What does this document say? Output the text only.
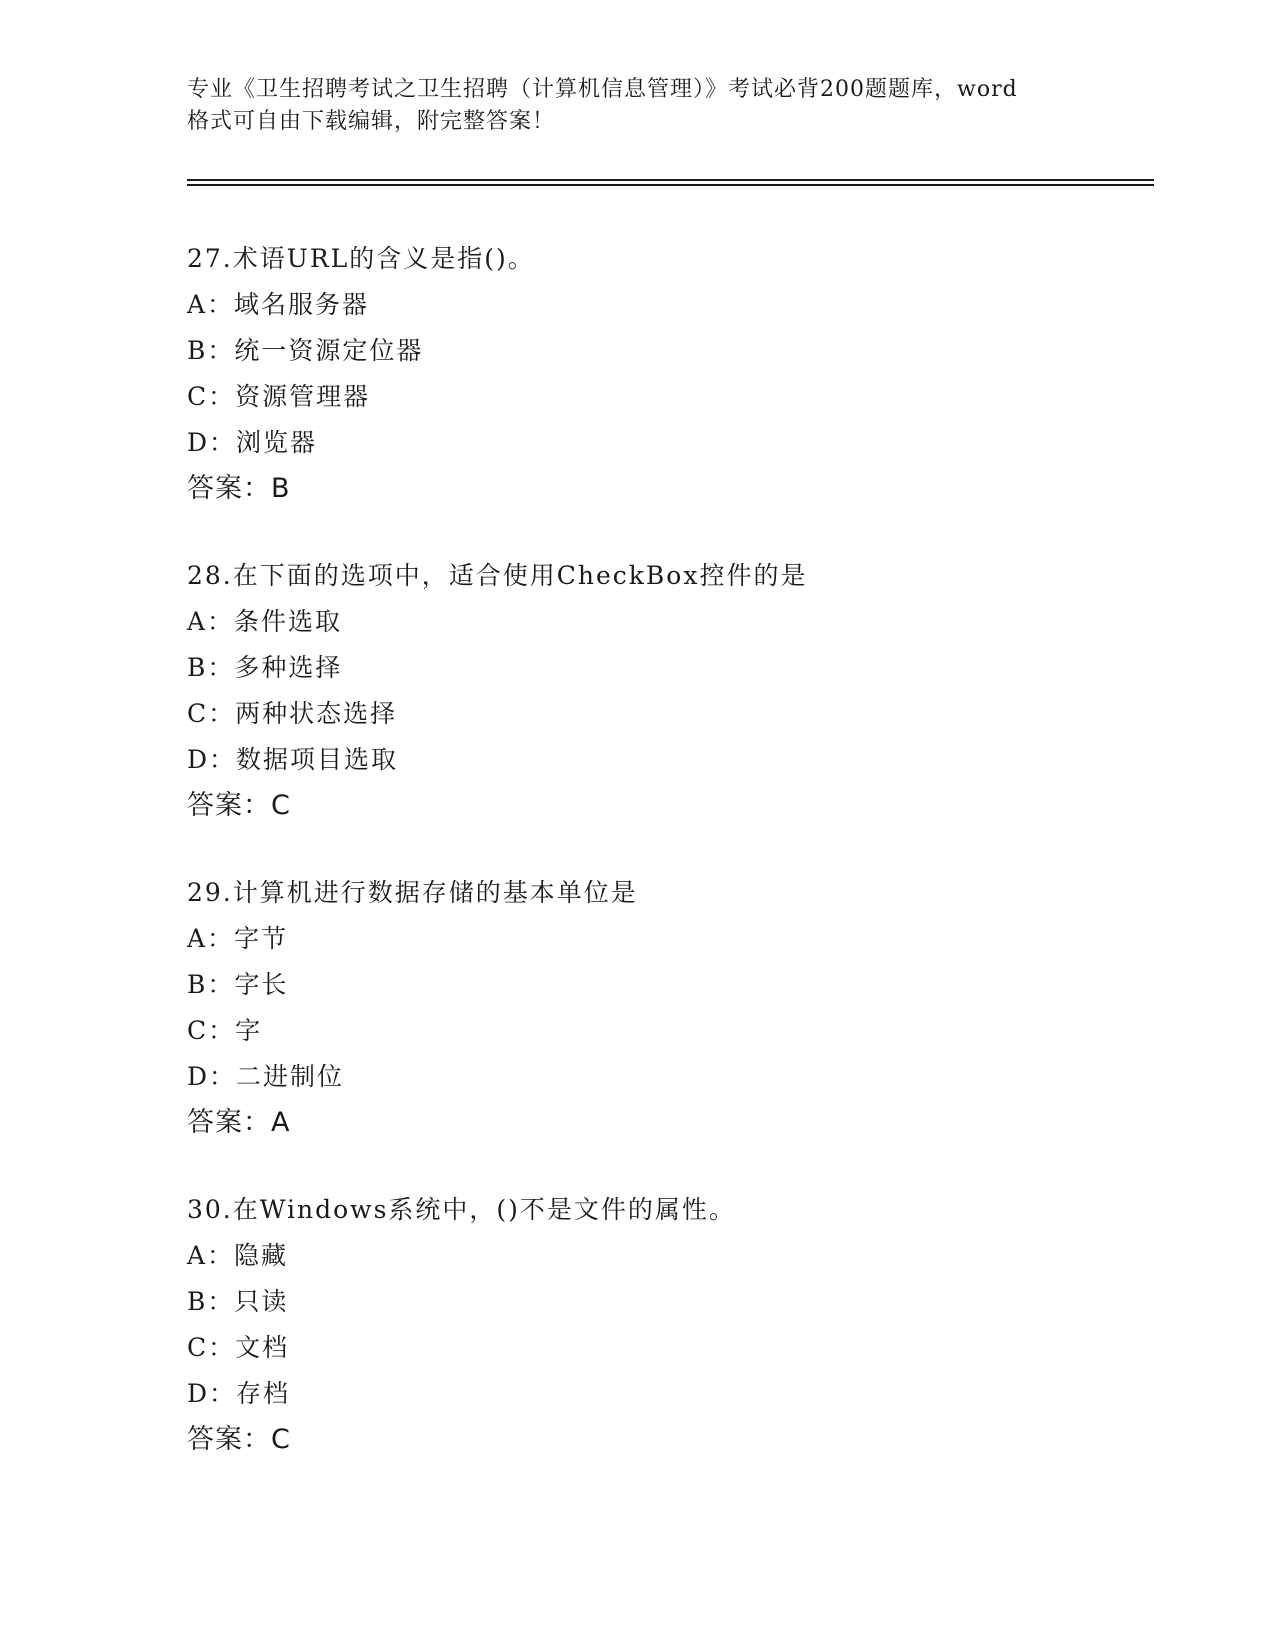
专业《卫生招聘考试之卫生招聘（计算机信息管理）》考试必背200题题库，word
格式可自由下载编辑，附完整答案！
27.术语URL的含义是指()。
A：域名服务器
B：统一资源定位器
C：资源管理器
D：浏览器
答案：B
28.在下面的选项中，适合使用CheckBox控件的是
A：条件选取
B：多种选择
C：两种状态选择
D：数据项目选取
答案：C
29.计算机进行数据存储的基本单位是
A：字节
B：字长
C：字
D：二进制位
答案：A
30.在Windows系统中，()不是文件的属性。
A：隐藏
B：只读
C：文档
D：存档
答案：C
